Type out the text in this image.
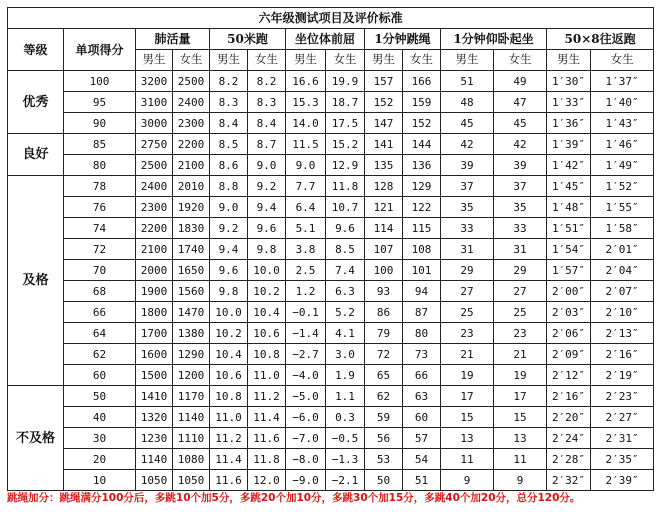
六年级测试项目及评价标准													
等级	单项得分	肺活量		50米跑		坐位体前屈		1分钟跳绳		1分钟仰卧起坐		50×8往返跑	
		男生	女生	男生	女生	男生	女生	男生	女生	男生	女生	男生	女生
优秀	100	3200	2500	8.2	8.2	16.6	19.9	157	166	51	49	1′30″	1′37″
	95	3100	2400	8.3	8.3	15.3	18.7	152	159	48	47	1′33″	1′40″
	90	3000	2300	8.4	8.4	14.0	17.5	147	152	45	45	1′36″	1′43″
良好	85	2750	2200	8.5	8.7	11.5	15.2	141	144	42	42	1′39″	1′46″
	80	2500	2100	8.6	9.0	9.0	12.9	135	136	39	39	1′42″	1′49″
及格	78	2400	2010	8.8	9.2	7.7	11.8	128	129	37	37	1′45″	1′52″
	76	2300	1920	9.0	9.4	6.4	10.7	121	122	35	35	1′48″	1′55″
	74	2200	1830	9.2	9.6	5.1	9.6	114	115	33	33	1′51″	1′58″
	72	2100	1740	9.4	9.8	3.8	8.5	107	108	31	31	1′54″	2′01″
	70	2000	1650	9.6	10.0	2.5	7.4	100	101	29	29	1′57″	2′04″
	68	1900	1560	9.8	10.2	1.2	6.3	93	94	27	27	2′00″	2′07″
	66	1800	1470	10.0	10.4	−0.1	5.2	86	87	25	25	2′03″	2′10″
	64	1700	1380	10.2	10.6	−1.4	4.1	79	80	23	23	2′06″	2′13″
	62	1600	1290	10.4	10.8	−2.7	3.0	72	73	21	21	2′09″	2′16″
	60	1500	1200	10.6	11.0	−4.0	1.9	65	66	19	19	2′12″	2′19″
不及格	50	1410	1170	10.8	11.2	−5.0	1.1	62	63	17	17	2′16″	2′23″
	40	1320	1140	11.0	11.4	−6.0	0.3	59	60	15	15	2′20″	2′27″
	30	1230	1110	11.2	11.6	−7.0	−0.5	56	57	13	13	2′24″	2′31″
	20	1140	1080	11.4	11.8	−8.0	−1.3	53	54	11	11	2′28″	2′35″
	10	1050	1050	11.6	12.0	−9.0	−2.1	50	51	9	9	2′32″	2′39″
跳绳加分：跳绳满分100分后，多跳10个加5分，多跳20个加10分，多跳30个加15分，多跳40个加20分，总分120分。
